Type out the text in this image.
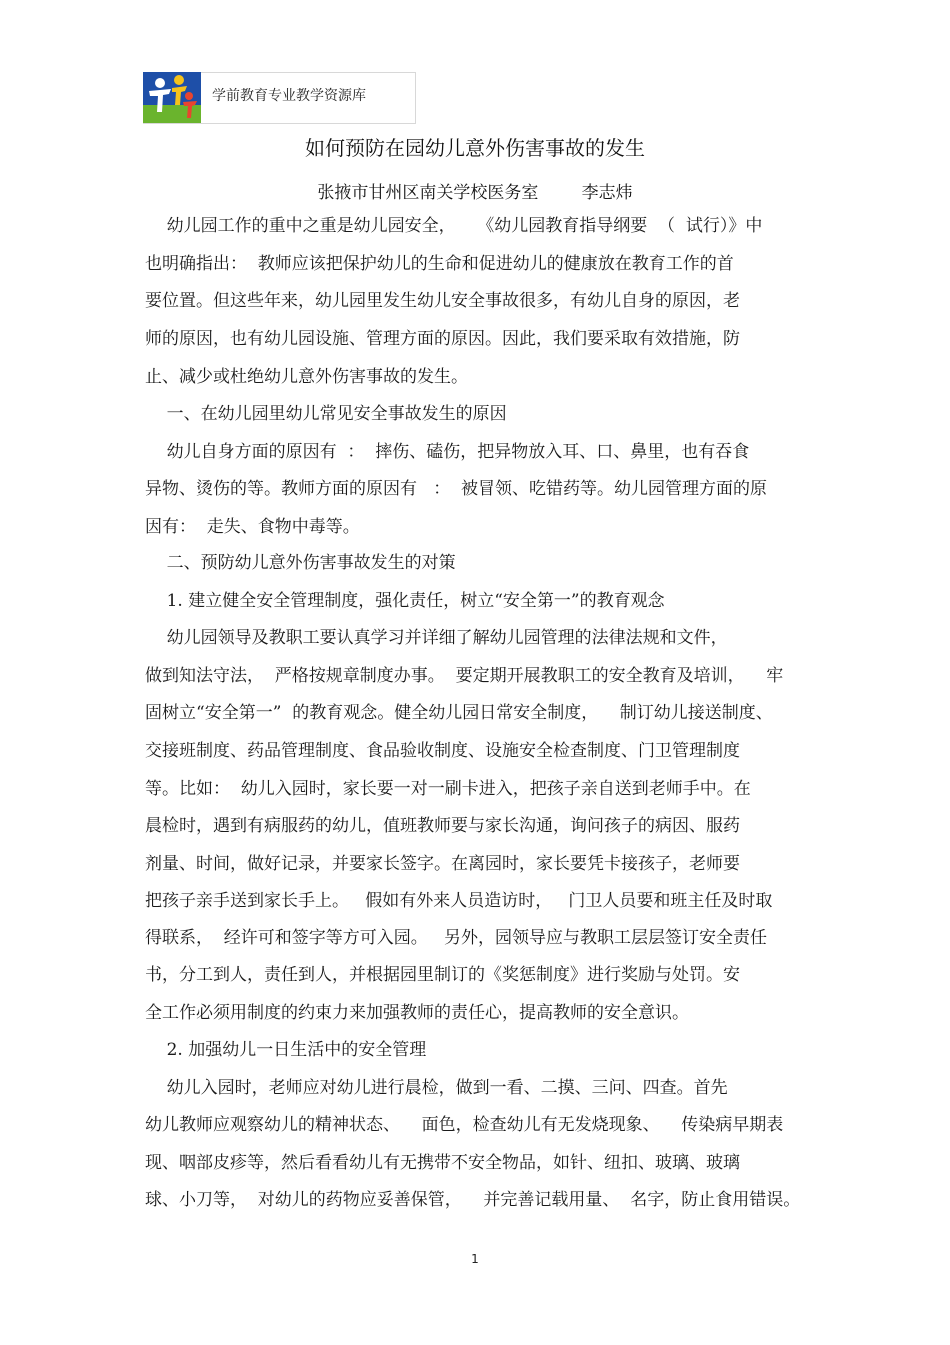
学前教育专业教学资源库
如何预防在园幼儿意外伤害事故的发生
张掖市甘州区南关学校医务室        李志炜
幼儿园工作的重中之重是幼儿园安全，    《幼儿园教育指导纲要  （  试行）》中
也明确指出：  教师应该把保护幼儿的生命和促进幼儿的健康放在教育工作的首
要位置。但这些年来，幼儿园里发生幼儿安全事故很多，有幼儿自身的原因，老
师的原因，也有幼儿园设施、管理方面的原因。因此，我们要采取有效措施，防
止、减少或杜绝幼儿意外伤害事故的发生。
一、在幼儿园里幼儿常见安全事故发生的原因
幼儿自身方面的原因有  ：  摔伤、磕伤，把异物放入耳、口、鼻里，也有吞食
异物、烫伤的等。教师方面的原因有   ：  被冒领、吃错药等。幼儿园管理方面的原
因有：  走失、食物中毒等。
二、预防幼儿意外伤害事故发生的对策
1. 建立健全安全管理制度，强化责任，树立“安全第一”的教育观念
幼儿园领导及教职工要认真学习并详细了解幼儿园管理的法律法规和文件，
做到知法守法，  严格按规章制度办事。  要定期开展教职工的安全教育及培训，    牢
固树立“安全第一”  的教育观念。健全幼儿园日常安全制度，    制订幼儿接送制度、
交接班制度、药品管理制度、食品验收制度、设施安全检查制度、门卫管理制度
等。比如：  幼儿入园时，家长要一对一刷卡进入，把孩子亲自送到老师手中。在
晨检时，遇到有病服药的幼儿，值班教师要与家长沟通，询问孩子的病因、服药
剂量、时间，做好记录，并要家长签字。在离园时，家长要凭卡接孩子，老师要
把孩子亲手送到家长手上。   假如有外来人员造访时，   门卫人员要和班主任及时取
得联系，  经许可和签字等方可入园。   另外，园领导应与教职工层层签订安全责任
书，分工到人，责任到人，并根据园里制订的《奖惩制度》进行奖励与处罚。安
全工作必须用制度的约束力来加强教师的责任心，提高教师的安全意识。
2. 加强幼儿一日生活中的安全管理
幼儿入园时，老师应对幼儿进行晨检，做到一看、二摸、三问、四查。首先
幼儿教师应观察幼儿的精神状态、    面色，检查幼儿有无发烧现象、    传染病早期表
现、咽部皮疹等，然后看看幼儿有无携带不安全物品，如针、纽扣、玻璃、玻璃
球、小刀等，  对幼儿的药物应妥善保管，    并完善记载用量、  名字，防止食用错误。
1
